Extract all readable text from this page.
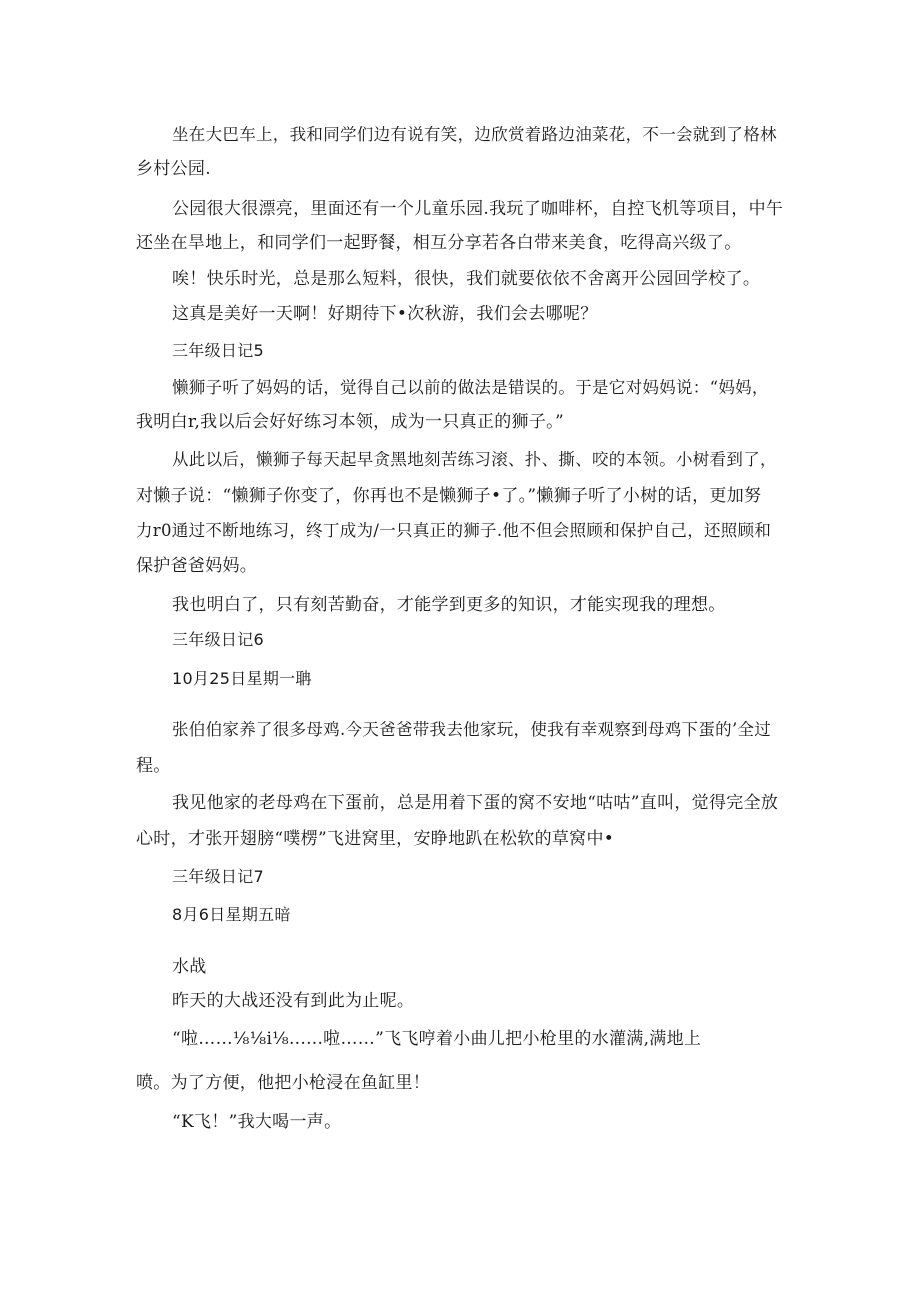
坐在大巴车上，我和同学们边有说有笑，边欣赏着路边油菜花，不一会就到了格林
乡村公园.
公园很大很漂亮，里面还有一个儿童乐园.我玩了咖啡杯，自控飞机等项目，中午
还坐在旱地上，和同学们一起野餐，相互分享若各白带来美食，吃得高兴级了。
唉！快乐时光，总是那么短料，很快，我们就要依依不舍离开公园回学校了。
这真是美好一天啊！好期待下•次秋游，我们会去哪呢？
三年级日记5
懒狮子听了妈妈的话，觉得自己以前的做法是错误的。于是它对妈妈说：“妈妈，
我明白r,我以后会好好练习本领，成为一只真正的狮子。”
从此以后，懒狮子每天起早贪黑地刻苦练习滚、扑、撕、咬的本领。小树看到了，
对懒子说：“懒狮子你变了，你再也不是懒狮子•了。”懒狮子听了小树的话，更加努
力r0通过不断地练习，终丁成为/一只真正的狮子.他不但会照顾和保护自己，还照顾和
保护爸爸妈妈。
我也明白了，只有刻苦勤奋，才能学到更多的知识，才能实现我的理想。
三年级日记6
10月25日星期一聃
张伯伯家养了很多母鸡.今天爸爸带我去他家玩，使我有幸观察到母鸡下蛋的’全过
程。
我见他家的老母鸡在下蛋前，总是用着下蛋的窝不安地“咕咕”直叫，觉得完全放
心时，才张开翅膀“噗楞”飞进窝里，安睁地趴在松软的草窝中•
三年级日记7
8月6日星期五暗
水战
昨天的大战还没有到此为止呢。
“啦……⅛⅛i⅛......啦……”飞飞哼着小曲儿把小枪里的水灌满,满地上
喷。为了方便，他把小枪浸在鱼缸里！
“K飞！”我大喝一声。
